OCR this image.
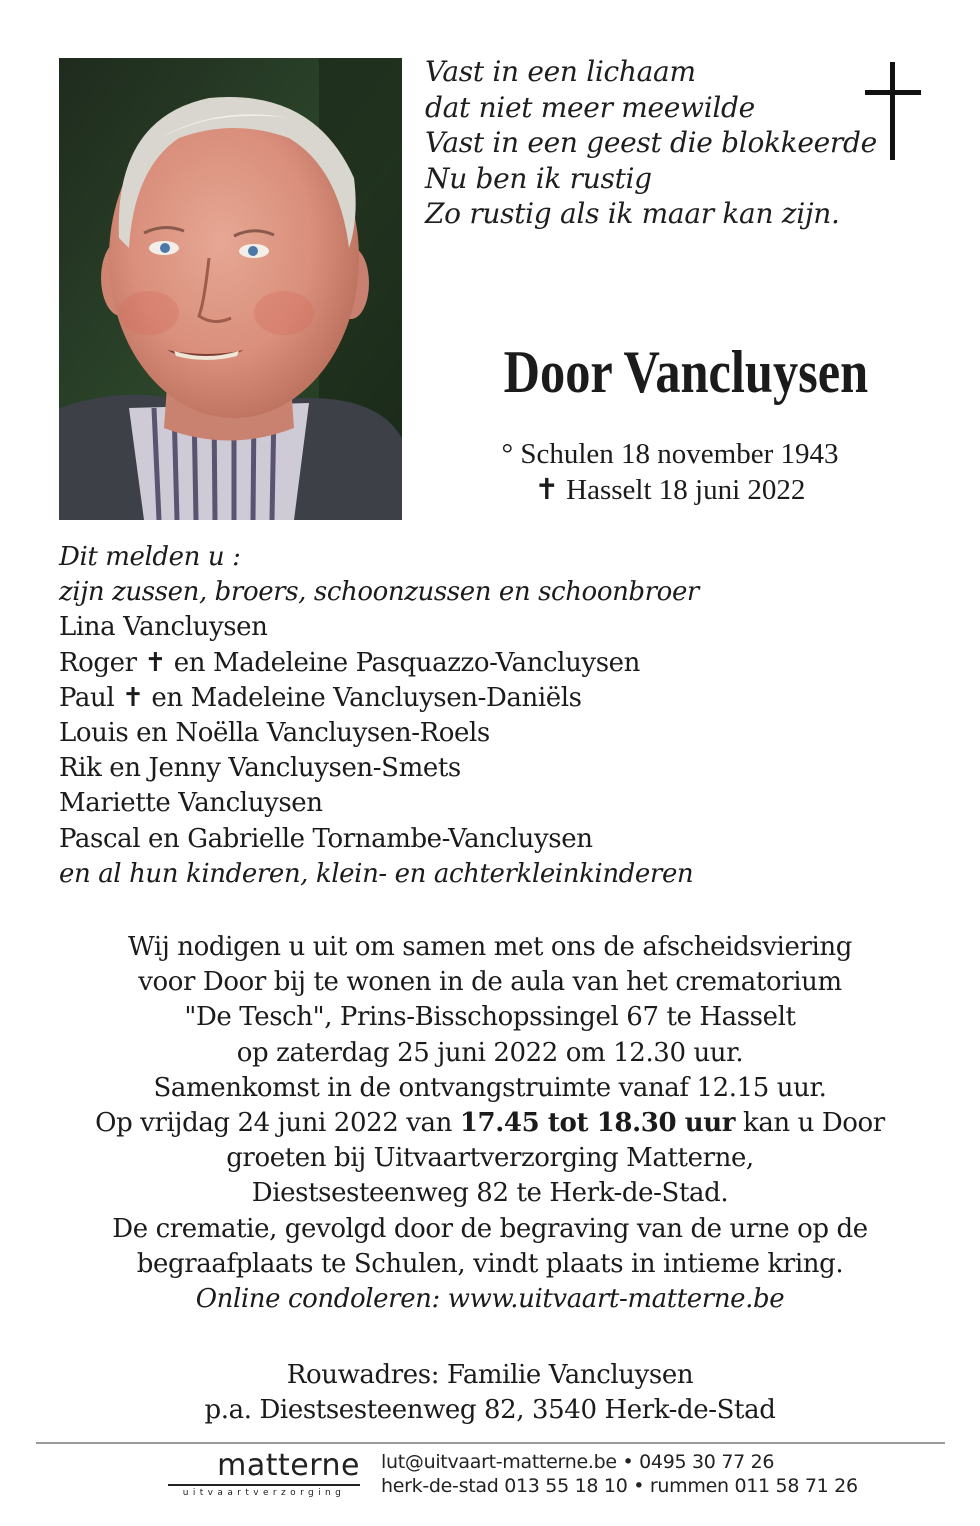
Vast in een lichaam
dat niet meer meewilde
Vast in een geest die blokkeerde
Nu ben ik rustig
Zo rustig als ik maar kan zijn.
Door Vancluysen
° Schulen 18 november 1943
✝ Hasselt 18 juni 2022
Dit melden u :
zijn zussen, broers, schoonzussen en schoonbroer
Lina Vancluysen
Roger ✝ en Madeleine Pasquazzo-Vancluysen
Paul ✝ en Madeleine Vancluysen-Daniëls
Louis en Noëlla Vancluysen-Roels
Rik en Jenny Vancluysen-Smets
Mariette Vancluysen
Pascal en Gabrielle Tornambe-Vancluysen
en al hun kinderen, klein- en achterkleinkinderen
Wij nodigen u uit om samen met ons de afscheidsviering
voor Door bij te wonen in de aula van het crematorium
"De Tesch", Prins-Bisschopssingel 67 te Hasselt
op zaterdag 25 juni 2022 om 12.30 uur.
Samenkomst in de ontvangstruimte vanaf 12.15 uur.
Op vrijdag 24 juni 2022 van 17.45 tot 18.30 uur kan u Door
groeten bij Uitvaartverzorging Matterne,
Diestsesteenweg 82 te Herk-de-Stad.
De crematie, gevolgd door de begraving van de urne op de
begraafplaats te Schulen, vindt plaats in intieme kring.
Online condoleren: www.uitvaart-matterne.be
Rouwadres: Familie Vancluysen
p.a. Diestsesteenweg 82, 3540 Herk-de-Stad
matterne
uitvaartverzorging
lut@uitvaart-matterne.be • 0495 30 77 26
herk-de-stad 013 55 18 10 • rummen 011 58 71 26
